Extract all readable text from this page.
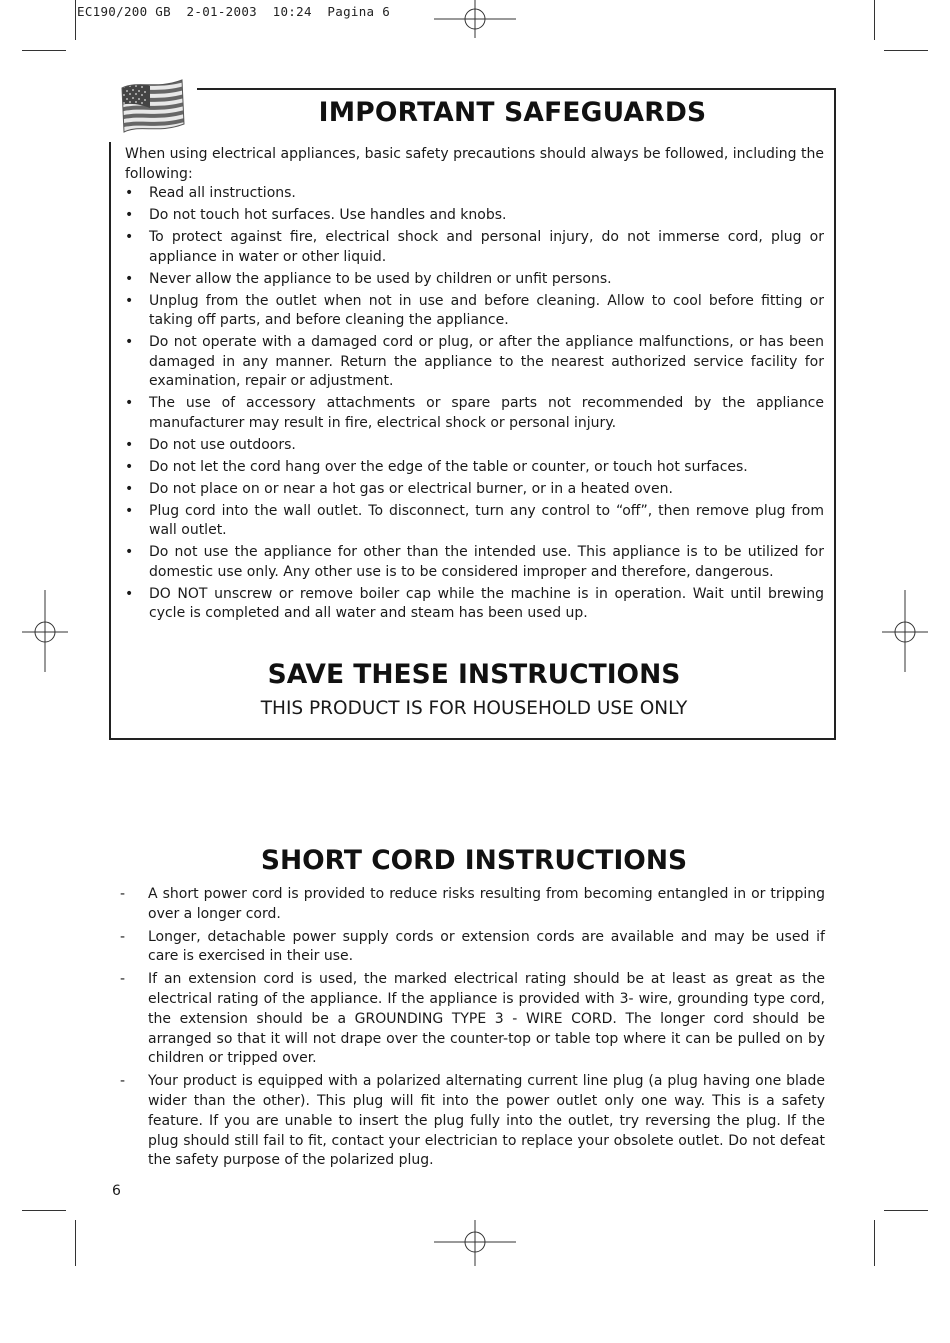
EC190/200 GB  2-01-2003  10:24  Pagina 6
IMPORTANT SAFEGUARDS
When using electrical appliances, basic safety precautions should always be followed, including the following:
• Read all instructions.
• Do not touch hot surfaces. Use handles and knobs.
• To protect against fire, electrical shock and personal injury, do not immerse cord, plug or appliance in water or other liquid.
• Never allow the appliance to be used by children or unfit persons.
• Unplug from the outlet when not in use and before cleaning. Allow to cool before fitting or taking off parts, and before cleaning the appliance.
• Do not operate with a damaged cord or plug, or after the appliance malfunctions, or has been damaged in any manner. Return the appliance to the nearest authorized service facility for examination, repair or adjustment.
• The use of accessory attachments or spare parts not recommended by the appliance manufacturer may result in fire, electrical shock or personal injury.
• Do not use outdoors.
• Do not let the cord hang over the edge of the table or counter, or touch hot surfaces.
• Do not place on or near a hot gas or electrical burner, or in a heated oven.
• Plug cord into the wall outlet. To disconnect, turn any control to “off”, then remove plug from wall outlet.
• Do not use the appliance for other than the intended use. This appliance is to be utilized for domestic use only. Any other use is to be considered improper and therefore, dangerous.
• DO NOT unscrew or remove boiler cap while the machine is in operation. Wait until brewing cycle is completed and all water and steam has been used up.
SAVE THESE INSTRUCTIONS
THIS PRODUCT IS FOR HOUSEHOLD USE ONLY
SHORT CORD INSTRUCTIONS
- A short power cord is provided to reduce risks resulting from becoming entangled in or tripping over a longer cord.
- Longer, detachable power supply cords or extension cords are available and may be used if care is exercised in their use.
- If an extension cord is used, the marked electrical rating should be at least as great as the electrical rating of the appliance. If the appliance is provided with 3- wire, grounding type cord, the extension should be a GROUNDING TYPE 3 - WIRE CORD. The longer cord should be arranged so that it will not drape over the counter-top or table top where it can be pulled on by children or tripped over.
- Your product is equipped with a polarized alternating current line plug (a plug having one blade wider than the other). This plug will fit into the power outlet only one way. This is a safety feature. If you are unable to insert the plug fully into the outlet, try reversing the plug. If the plug should still fail to fit, contact your electrician to replace your obsolete outlet. Do not defeat the safety purpose of the polarized plug.
6
